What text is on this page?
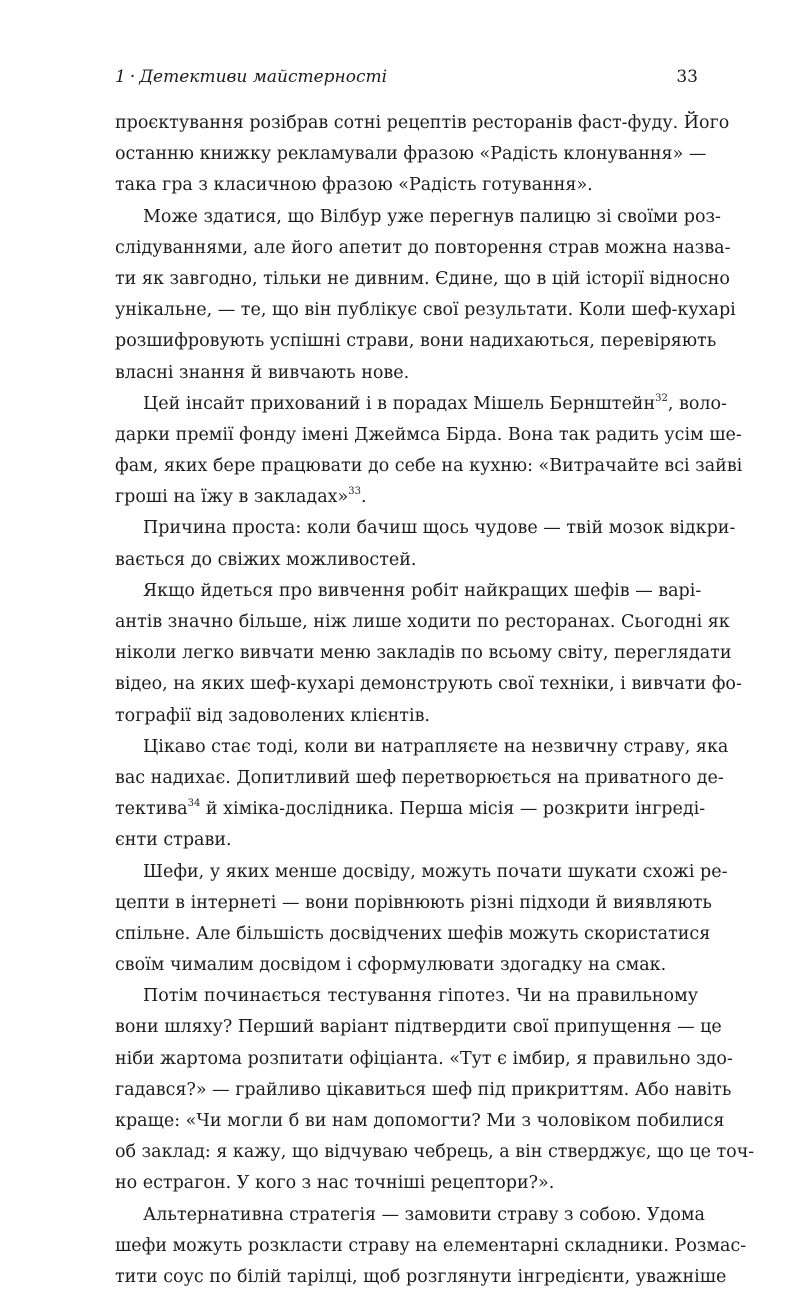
1 · Детективи майстерності	33
проєктування розібрав сотні рецептів ресторанів фаст-фуду. Його
останню книжку рекламували фразою «Радість клонування» —
така гра з класичною фразою «Радість готування».
Може здатися, що Вілбур уже перегнув палицю зі своїми роз-
слідуваннями, але його апетит до повторення страв можна назва-
ти як завгодно, тільки не дивним. Єдине, що в цій історії відносно
унікальне, — те, що він публікує свої результати. Коли шеф-кухарі
розшифровують успішні страви, вони надихаються, перевіряють
власні знання й вивчають нове.
Цей інсайт прихований і в порадах Мішель Бернштейн$^{32}$, воло-
дарки премії фонду імені Джеймса Бірда. Вона так радить усім ше-
фам, яких бере працювати до себе на кухню: «Витрачайте всі зайві
гроші на їжу в закладах»$^{33}$.
Причина проста: коли бачиш щось чудове — твій мозок відкри-
вається до свіжих можливостей.
Якщо йдеться про вивчення робіт найкращих шефів — варі-
антів значно більше, ніж лише ходити по ресторанах. Сьогодні як
ніколи легко вивчати меню закладів по всьому світу, переглядати
відео, на яких шеф-кухарі демонструють свої техніки, і вивчати фо-
тографії від задоволених клієнтів.
Цікаво стає тоді, коли ви натрапляєте на незвичну страву, яка
вас надихає. Допитливий шеф перетворюється на приватного де-
тектива$^{34}$ й хіміка-дослідника. Перша місія — розкрити інгреді-
єнти страви.
Шефи, у яких менше досвіду, можуть почати шукати схожі ре-
цепти в інтернеті — вони порівнюють різні підходи й виявляють
спільне. Але більшість досвідчених шефів можуть скористатися
своїм чималим досвідом і сформулювати здогадку на смак.
Потім починається тестування гіпотез. Чи на правильному
вони шляху? Перший варіант підтвердити свої припущення — це
ніби жартома розпитати офіціанта. «Тут є імбир, я правильно здо-
гадався?» — грайливо цікавиться шеф під прикриттям. Або навіть
краще: «Чи могли б ви нам допомогти? Ми з чоловіком побилися
об заклад: я кажу, що відчуваю чебрець, а він стверджує, що це точ-
но естрагон. У кого з нас точніші рецептори?».
Альтернативна стратегія — замовити страву з собою. Удома
шефи можуть розкласти страву на елементарні складники. Розмас-
тити соус по білій тарілці, щоб розглянути інгредієнти, уважніше
